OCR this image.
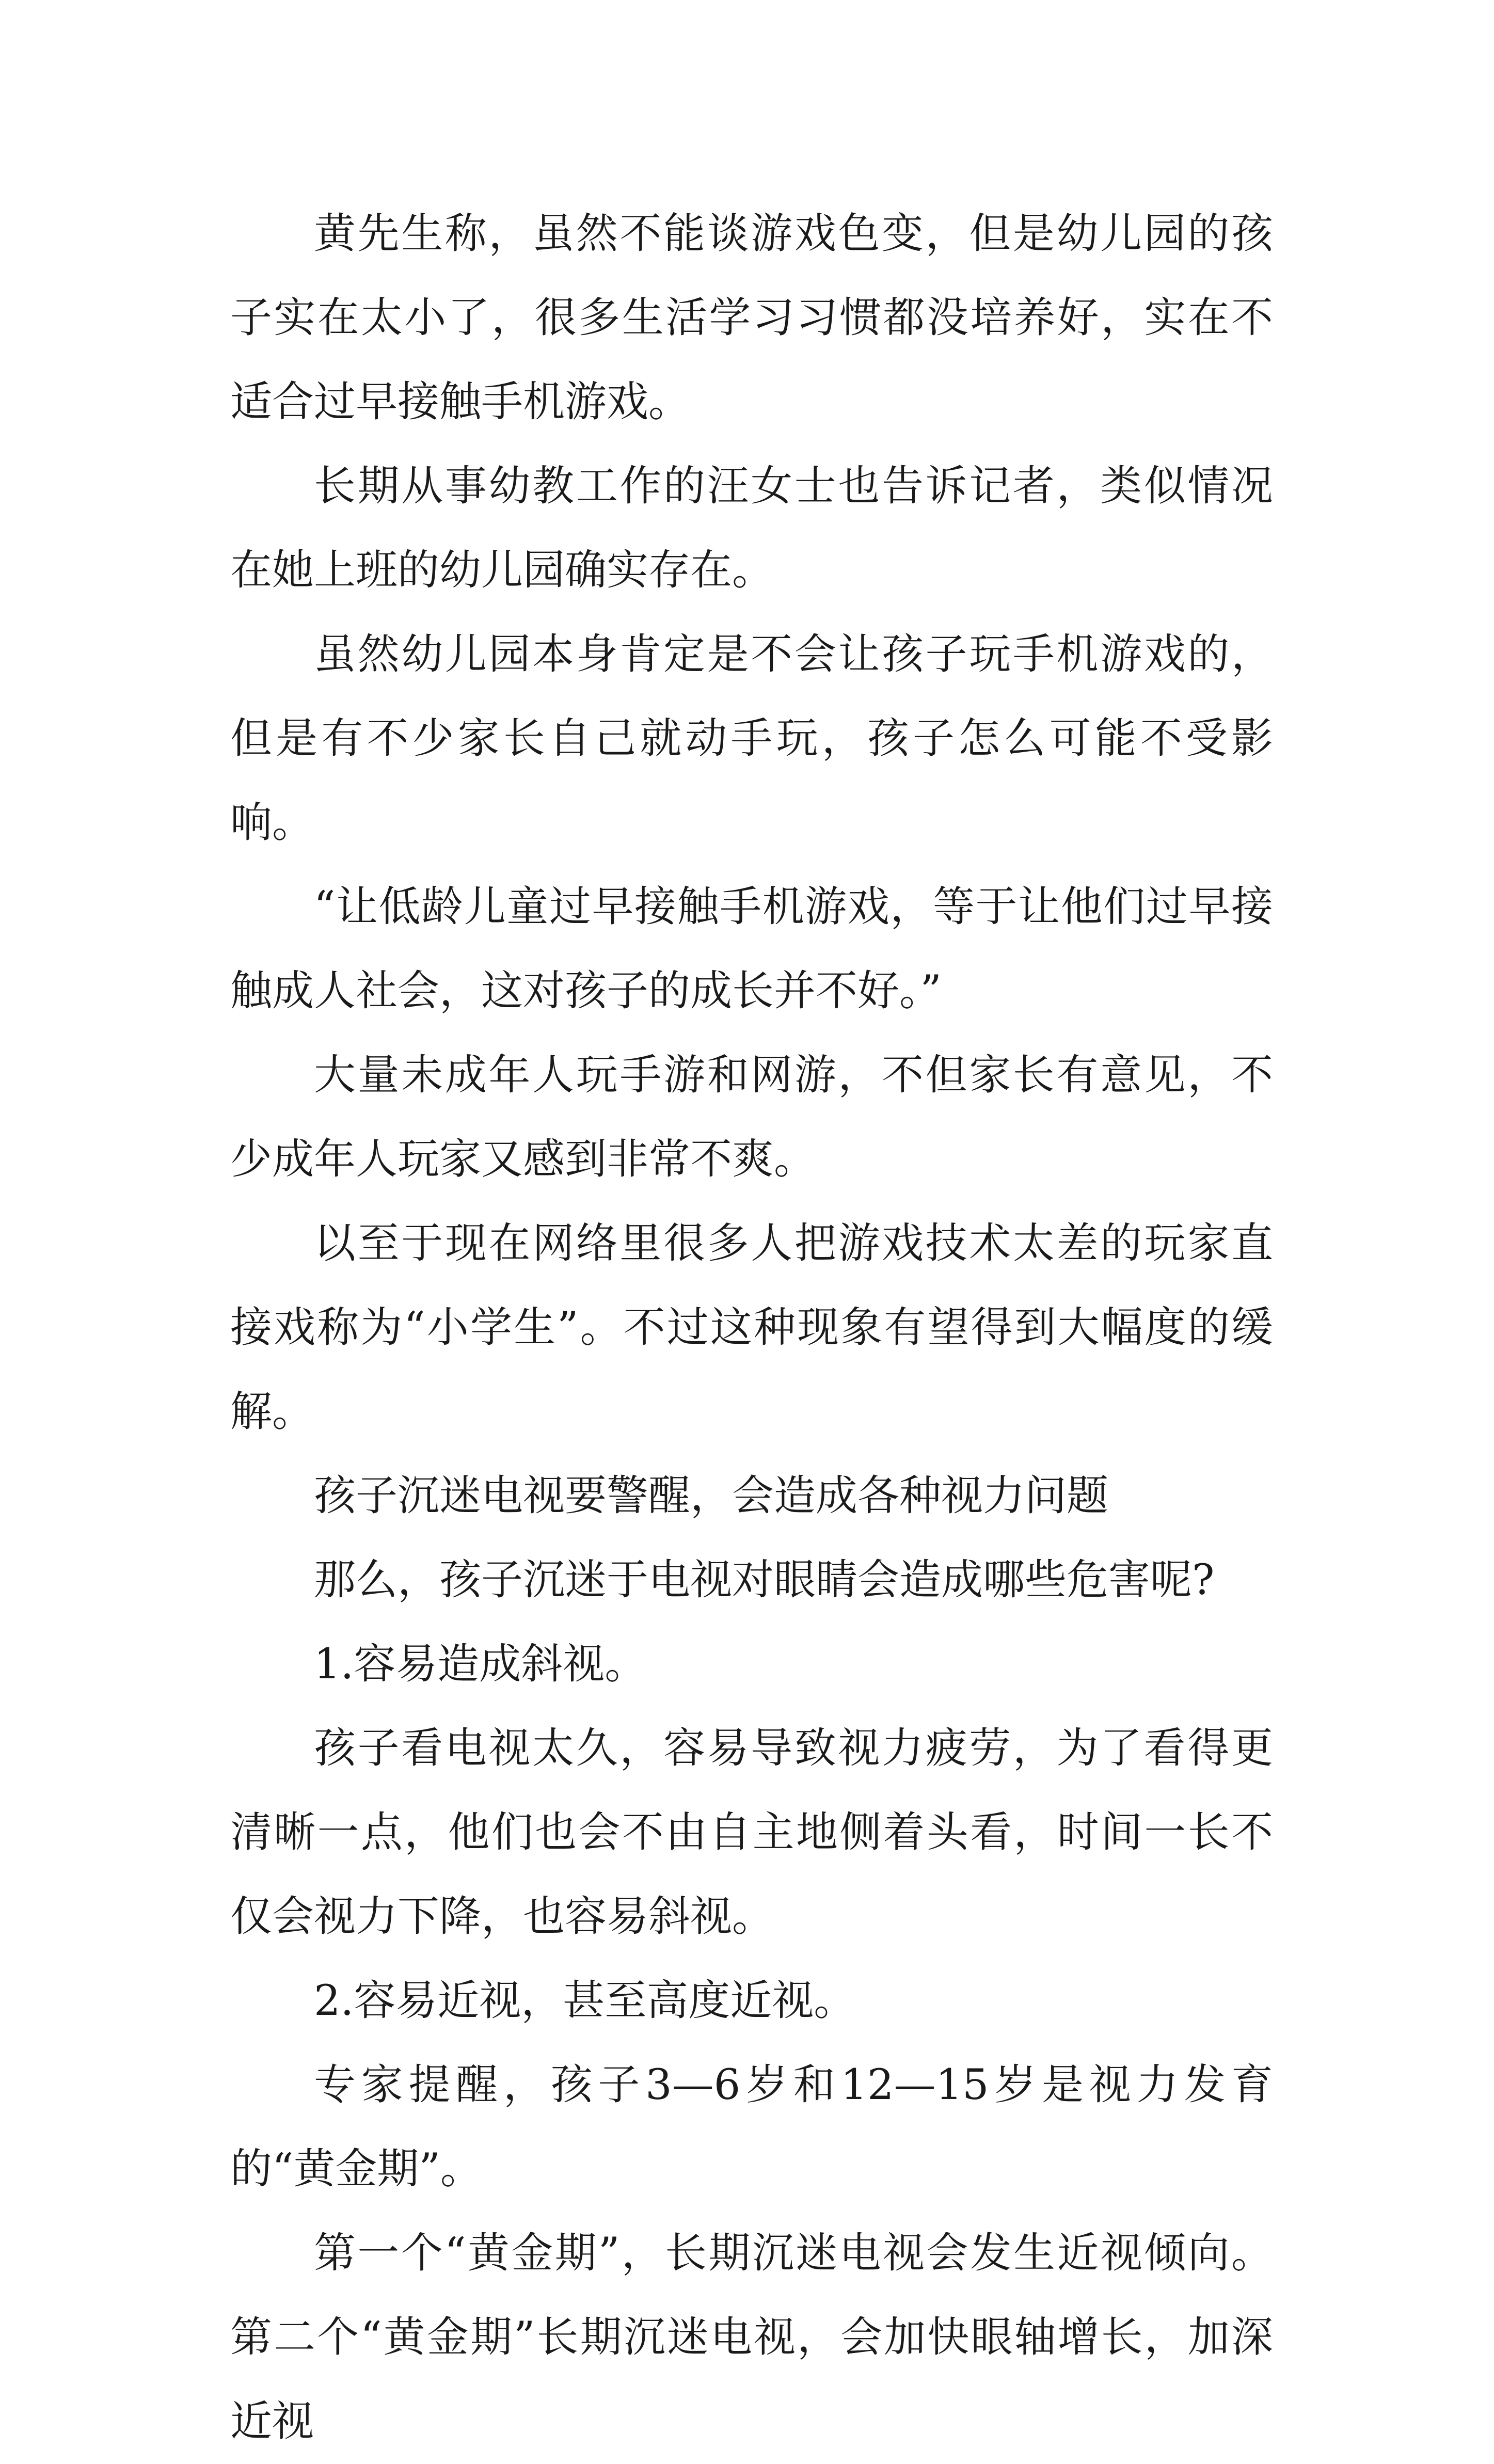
黄先生称，虽然不能谈游戏色变，但是幼儿园的孩子实在太小了，很多生活学习习惯都没培养好，实在不适合过早接触手机游戏。

长期从事幼教工作的汪女士也告诉记者，类似情况在她上班的幼儿园确实存在。

虽然幼儿园本身肯定是不会让孩子玩手机游戏的，但是有不少家长自己就动手玩，孩子怎么可能不受影响。

“让低龄儿童过早接触手机游戏，等于让他们过早接触成人社会，这对孩子的成长并不好。”

大量未成年人玩手游和网游，不但家长有意见，不少成年人玩家又感到非常不爽。

以至于现在网络里很多人把游戏技术太差的玩家直接戏称为“小学生”。不过这种现象有望得到大幅度的缓解。

孩子沉迷电视要警醒，会造成各种视力问题

那么，孩子沉迷于电视对眼睛会造成哪些危害呢?

1.容易造成斜视。

孩子看电视太久，容易导致视力疲劳，为了看得更清晰一点，他们也会不由自主地侧着头看，时间一长不仅会视力下降，也容易斜视。

2.容易近视，甚至高度近视。

专家提醒，孩子3—6岁和12—15岁是视力发育的“黄金期”。

第一个“黄金期”，长期沉迷电视会发生近视倾向。第二个“黄金期”长期沉迷电视，会加快眼轴增长，加深近视
